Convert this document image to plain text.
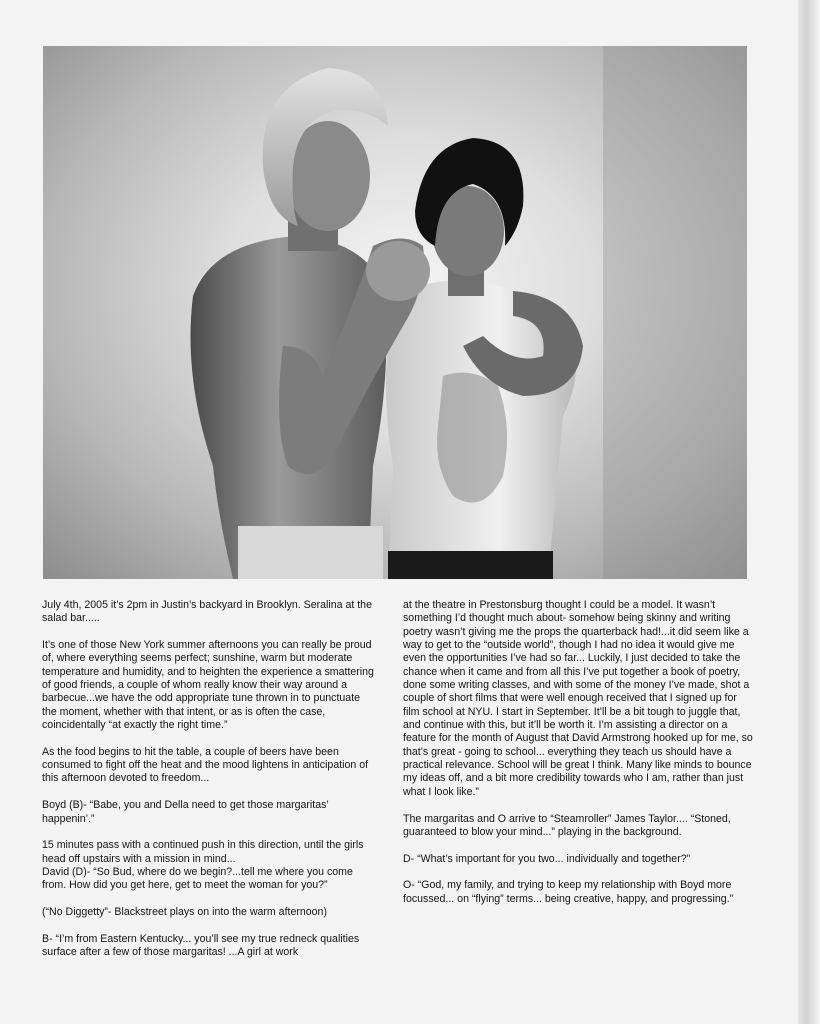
July 4th, 2005 it’s 2pm in Justin’s backyard in Brooklyn. Seralina at the salad bar.....

It’s one of those New York summer afternoons you can really be proud of, where everything seems perfect; sunshine, warm but moderate temperature and humidity, and to heighten the experience a smattering of good friends, a couple of whom really know their way around a barbecue...we have the odd appropriate tune thrown in to punctuate the moment, whether with that intent, or as is often the case, coincidentally “at exactly the right time.”

As the food begins to hit the table, a couple of beers have been consumed to fight off the heat and the mood lightens in anticipation of this afternoon devoted to freedom...

Boyd (B)- “Babe, you and Della need to get those margaritas’ happenin’.”

15 minutes pass with a continued push in this direction, until the girls head off upstairs with a mission in mind...

David (D)- “So Bud, where do we begin?...tell me where you come from. How did you get here, get to meet the woman for you?”

(“No Diggetty”- Blackstreet plays on into the warm afternoon)

B- “I’m from Eastern Kentucky... you’ll see my true redneck qualities surface after a few of those margaritas! ...A girl at work

at the theatre in Prestonsburg thought I could be a model. It wasn’t something I’d thought much about- somehow being skinny and writing poetry wasn’t giving me the props the quarterback had!...it did seem like a way to get to the “outside world”, though I had no idea it would give me even the opportunities I’ve had so far... Luckily, I just decided to take the chance when it came and from all this I’ve put together a book of poetry, done some writing classes, and with some of the money I’ve made, shot a couple of short films that were well enough received that I signed up for film school at NYU. I start in September. It’ll be a bit tough to juggle that, and continue with this, but it’ll be worth it. I’m assisting a director on a feature for the month of August that David Armstrong hooked up for me, so that’s great - going to school... everything they teach us should have a practical relevance. School will be great I think. Many like minds to bounce my ideas off, and a bit more credibility towards who I am, rather than just what I look like.”

The margaritas and O arrive to “Steamroller” James Taylor.... “Stoned, guaranteed to blow your mind...” playing in the background.

D- “What’s important for you two... individually and together?”

O- “God, my family, and trying to keep my relationship with Boyd more focussed... on “flying” terms... being creative, happy, and progressing.”
